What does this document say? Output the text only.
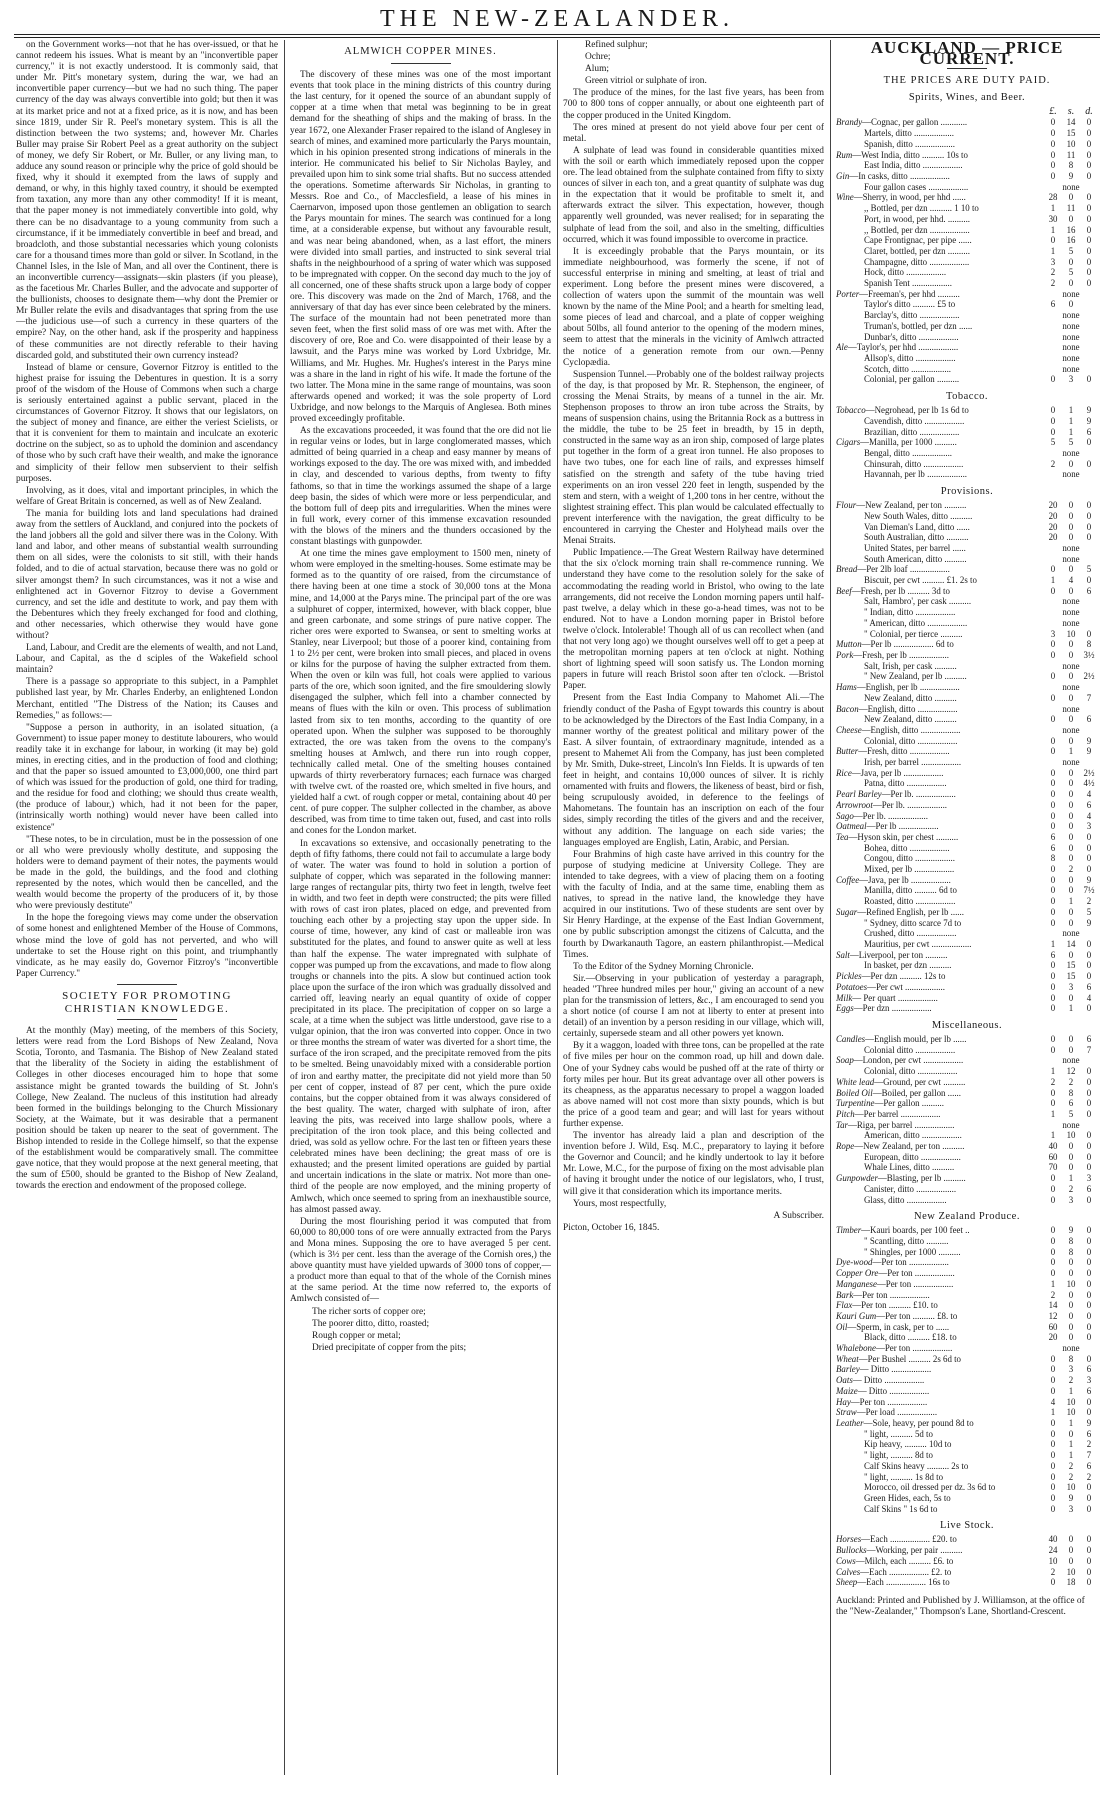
THE NEW-ZEALANDER.

on the Government works—not that he has over-issued, or that he cannot redeem his issues. What is meant by an "inconvertible paper currency," it is not exactly understood. It is commonly said, that under Mr. Pitt's monetary system, during the war, we had an inconvertible paper currency—but we had no such thing. The paper currency of the day was always convertible into gold; but then it was at its market price and not at a fixed price, as it is now, and has been since 1819, under Sir R. Peel's monetary system. This is all the distinction between the two systems; and, however Mr. Charles Buller may praise Sir Robert Peel as a great authority on the subject of money, we defy Sir Robert, or Mr. Buller, or any living man, to adduce any sound reason or principle why the price of gold should be fixed, why it should it exempted from the laws of supply and demand, or why, in this highly taxed country, it should be exempted from taxation, any more than any other commodity! If it is meant, that the paper money is not immediately convertible into gold, why there can be no disadvantage to a young community from such a circumstance, if it be immediately convertible in beef and bread, and broadcloth, and those substantial necessaries which young colonists care for a thousand times more than gold or silver. In Scotland, in the Channel Isles, in the Isle of Man, and all over the Continent, there is an inconvertible currency—assignats—skin plasters (if you please), as the facetious Mr. Charles Buller, and the advocate and supporter of the bullionists, chooses to designate them—why dont the Premier or Mr Buller relate the evils and disadvantages that spring from the use—the judicious use—of such a currency in these quarters of the empire? Nay, on the other hand, ask if the prosperity and happiness of these communities are not directly referable to their having discarded gold, and substituted their own currency instead?

Instead of blame or censure, Governor Fitzroy is entitled to the highest praise for issuing the Debentures in question. It is a sorry proof of the wisdom of the House of Commons when such a charge is seriously entertained against a public servant, placed in the circumstances of Governor Fitzroy. It shows that our legislators, on the subject of money and finance, are either the veriest Scielists, or that it is convenient for them to maintain and inculcate an exoteric doctrine on the subject, so as to uphold the dominion and ascendancy of those who by such craft have their wealth, and make the ignorance and simplicity of their fellow men subservient to their selfish purposes.

Involving, as it does, vital and important principles, in which the welfare of Great Britain is concerned, as well as of New Zealand.

The mania for building lots and land speculations had drained away from the settlers of Auckland, and conjured into the pockets of the land jobbers all the gold and silver there was in the Colony. With land and labor, and other means of substantial wealth surrounding them on all sides, were the colonists to sit still, with their hands folded, and to die of actual starvation, because there was no gold or silver amongst them? In such circumstances, was it not a wise and enlightened act in Governor Fitzroy to devise a Government currency, and set the idle and destitute to work, and pay them with the Debentures which they freely exchanged for food and clothing, and other necessaries, which otherwise they would have gone without?

Land, Labour, and Credit are the elements of wealth, and not Land, Labour, and Capital, as the d sciples of the Wakefield school maintain?

There is a passage so appropriate to this subject, in a Pamphlet published last year, by Mr. Charles Enderby, an enlightened London Merchant, entitled "The Distress of the Nation; its Causes and Remedies," as follows:—

"Suppose a person in authority, in an isolated situation, (a Government) to issue paper money to destitute labourers, who would readily take it in exchange for labour, in working (it may be) gold mines, in erecting cities, and in the production of food and clothing; and that the paper so issued amounted to £3,000,000, one third part of which was issued for the production of gold, one third for trading, and the residue for food and clothing; we should thus create wealth, (the produce of labour,) which, had it not been for the paper, (intrinsically worth nothing) would never have been called into existence"

"These notes, to be in circulation, must be in the possession of one or all who were previously wholly destitute, and supposing the holders were to demand payment of their notes, the payments would be made in the gold, the buildings, and the food and clothing represented by the notes, which would then be cancelled, and the wealth would become the property of the producers of it, by those who were previously destitute"

In the hope the foregoing views may come under the observation of some honest and enlightened Member of the House of Commons, whose mind the love of gold has not perverted, and who will undertake to set the House right on this point, and triumphantly vindicate, as he may easily do, Governor Fitzroy's "inconvertible Paper Currency."

SOCIETY FOR PROMOTING
CHRISTIAN KNOWLEDGE.

At the monthly (May) meeting, of the members of this Society, letters were read from the Lord Bishops of New Zealand, Nova Scotia, Toronto, and Tasmania. The Bishop of New Zealand stated that the liberality of the Society in aiding the establishment of Colleges in other dioceses encouraged him to hope that some assistance might be granted towards the building of St. John's College, New Zealand. The nucleus of this institution had already been formed in the buildings belonging to the Church Missionary Society, at the Waimate, but it was desirable that a permanent position should be taken up nearer to the seat of government. The Bishop intended to reside in the College himself, so that the expense of the establishment would be comparatively small. The committee gave notice, that they would propose at the next general meeting, that the sum of £500, should be granted to the Bishop of New Zealand, towards the erection and endowment of the proposed college.

ALMWICH COPPER MINES.

The discovery of these mines was one of the most important events that took place in the mining districts of this country during the last century, for it opened the source of an abundant supply of copper at a time when that metal was beginning to be in great demand for the sheathing of ships and the making of brass. In the year 1672, one Alexander Fraser repaired to the island of Anglesey in search of mines, and examined more particularly the Parys mountain, which in his opinion presented strong indications of minerals in the interior. He communicated his belief to Sir Nicholas Bayley, and prevailed upon him to sink some trial shafts. But no success attended the operations. Sometime afterwards Sir Nicholas, in granting to Messrs. Roe and Co., of Macclesfield, a lease of his mines in Caernarvon, imposed upon those gentlemen an obligation to search the Parys mountain for mines. The search was continued for a long time, at a considerable expense, but without any favourable result, and was near being abandoned, when, as a last effort, the miners were divided into small parties, and instructed to sink several trial shafts in the neighbourhood of a spring of water which was supposed to be impregnated with copper. On the second day much to the joy of all concerned, one of these shafts struck upon a large body of copper ore. This discovery was made on the 2nd of March, 1768, and the anniversary of that day has ever since been celebrated by the miners. The surface of the mountain had not been penetrated more than seven feet, when the first solid mass of ore was met with. After the discovery of ore, Roe and Co. were disappointed of their lease by a lawsuit, and the Parys mine was worked by Lord Uxbridge, Mr. Williams, and Mr. Hughes. Mr. Hughes's interest in the Parys mine was a share in the land in right of his wife. It made the fortune of the two latter. The Mona mine in the same range of mountains, was soon afterwards opened and worked; it was the sole property of Lord Uxbridge, and now belongs to the Marquis of Anglesea. Both mines proved exceedingly profitable.

As the excavations proceeded, it was found that the ore did not lie in regular veins or lodes, but in large conglomerated masses, which admitted of being quarried in a cheap and easy manner by means of workings exposed to the day. The ore was mixed with, and imbedded in clay, and descended to various depths, from twenty to fifty fathoms, so that in time the workings assumed the shape of a large deep basin, the sides of which were more or less perpendicular, and the bottom full of deep pits and irregularities. When the mines were in full work, every corner of this immense excavation resounded with the blows of the miners and the thunders occasioned by the constant blastings with gunpowder.

At one time the mines gave employment to 1500 men, ninety of whom were employed in the smelting-houses. Some estimate may be formed as to the quantity of ore raised, from the circumstance of there having been at one time a stock of 30,000 tons at the Mona mine, and 14,000 at the Parys mine. The principal part of the ore was a sulphuret of copper, intermixed, however, with black copper, blue and green carbonate, and some strings of pure native copper. The richer ores were exported to Swansea, or sent to smelting works at Stanley, near Liverpool; but those of a poorer kind, containing from 1 to 2½ per cent, were broken into small pieces, and placed in ovens or kilns for the purpose of having the sulpher extracted from them. When the oven or kiln was full, hot coals were applied to various parts of the ore, which soon ignited, and the fire smouldering slowly disengaged the sulpher, which fell into a chamber connected by means of flues with the kiln or oven. This process of sublimation lasted from six to ten months, according to the quantity of ore operated upon. When the sulpher was supposed to be thoroughly extracted, the ore was taken from the ovens to the company's smelting houses at Amlwch, and there run into rough copper, technically called metal. One of the smelting houses contained upwards of thirty reverberatory furnaces; each furnace was charged with twelve cwt. of the roasted ore, which smelted in five hours, and yielded half a cwt. of rough copper or metal, containing about 40 per cent. of pure copper. The sulpher collected in the chamber, as above described, was from time to time taken out, fused, and cast into rolls and cones for the London market.

In excavations so extensive, and occasionally penetrating to the depth of fifty fathoms, there could not fail to accumulate a large body of water. The water was found to hold in solution a portion of sulphate of copper, which was separated in the following manner: large ranges of rectangular pits, thirty two feet in length, twelve feet in width, and two feet in depth were constructed; the pits were filled with rows of cast iron plates, placed on edge, and prevented from touching each other by a projecting stay upon the upper side. In course of time, however, any kind of cast or malleable iron was substituted for the plates, and found to answer quite as well at less than half the expense. The water impregnated with sulphate of copper was pumped up from the excavations, and made to flow along troughs or channels into the pits. A slow but continued action took place upon the surface of the iron which was gradually dissolved and carried off, leaving nearly an equal quantity of oxide of copper precipitated in its place. The precipitation of copper on so large a scale, at a time when the subject was little understood, gave rise to a vulgar opinion, that the iron was converted into copper. Once in two or three months the stream of water was diverted for a short time, the surface of the iron scraped, and the precipitate removed from the pits to be smelted. Being unavoidably mixed with a considerable portion of iron and earthy matter, the precipitate did not yield more than 50 per cent of copper, instead of 87 per cent, which the pure oxide contains, but the copper obtained from it was always considered of the best quality. The water, charged with sulphate of iron, after leaving the pits, was received into large shallow pools, where a precipitation of the iron took place, and this being collected and dried, was sold as yellow ochre. For the last ten or fifteen years these celebrated mines have been declining; the great mass of ore is exhausted; and the present limited operations are guided by partial and uncertain indications in the slate or matrix. Not more than one-third of the people are now employed, and the mining property of Amlwch, which once seemed to spring from an inexhaustible source, has almost passed away.

During the most flourishing period it was computed that from 60,000 to 80,000 tons of ore were annually extracted from the Parys and Mona mines. Supposing the ore to have averaged 5 per cent. (which is 3½ per cent. less than the average of the Cornish ores,) the above quantity must have yielded upwards of 3000 tons of copper,—a product more than equal to that of the whole of the Cornish mines at the same period. At the time now referred to, the exports of Amlwch consisted of—

The richer sorts of copper ore;

The poorer ditto, ditto, roasted;

Rough copper or metal;

Dried precipitate of copper from the pits;

Refined sulphur;

Ochre;

Alum;

Green vitriol or sulphate of iron.

The produce of the mines, for the last five years, has been from 700 to 800 tons of copper annually, or about one eighteenth part of the copper produced in the United Kingdom.

The ores mined at present do not yield above four per cent of metal.

A sulphate of lead was found in considerable quantities mixed with the soil or earth which immediately reposed upon the copper ore. The lead obtained from the sulphate contained from fifty to sixty ounces of silver in each ton, and a great quantity of sulphate was dug in the expectation that it would be profitable to smelt it, and afterwards extract the silver. This expectation, however, though apparently well grounded, was never realised; for in separating the sulphate of lead from the soil, and also in the smelting, difficulties occurred, which it was found impossible to overcome in practice.

It is exceedingly probable that the Parys mountain, or its immediate neighbourhood, was formerly the scene, if not of successful enterprise in mining and smelting, at least of trial and experiment. Long before the present mines were discovered, a collection of waters upon the summit of the mountain was well known by the name of the Mine Pool; and a hearth for smelting lead, some pieces of lead and charcoal, and a plate of copper weighing about 50lbs, all found anterior to the opening of the modern mines, seem to attest that the minerals in the vicinity of Amlwch attracted the notice of a generation remote from our own.—Penny Cyclopædia.

Suspension Tunnel.—Probably one of the boldest railway projects of the day, is that proposed by Mr. R. Stephenson, the engineer, of crossing the Menai Straits, by means of a tunnel in the air. Mr. Stephenson proposes to throw an iron tube across the Straits, by means of suspension chains, using the Britannia Rock as a buttress in the middle, the tube to be 25 feet in breadth, by 15 in depth, constructed in the same way as an iron ship, composed of large plates put together in the form of a great iron tunnel. He also proposes to have two tubes, one for each line of rails, and expresses himself satisfied on the strength and safety of the tube having tried experiments on an iron vessel 220 feet in length, suspended by the stem and stern, with a weight of 1,200 tons in her centre, without the slightest straining effect. This plan would be calculated effectually to prevent interference with the navigation, the great difficulty to be encountered in carrying the Chester and Holyhead mails over the Menai Straits.

Public Impatience.—The Great Western Railway have determined that the six o'clock morning train shall re-commence running. We understand they have come to the resolution solely for the sake of accommodating the reading world in Bristol, who owing to the late arrangements, did not receive the London morning papers until half-past twelve, a delay which in these go-a-head times, was not to be endured. Not to have a London morning paper in Bristol before twelve o'clock. Intolerable! Though all of us can recollect when (and that not very long ago) we thought ourselves well off to get a peep at the metropolitan morning papers at ten o'clock at night. Nothing short of lightning speed will soon satisfy us. The London morning papers in future will reach Bristol soon after ten o'clock. —Bristol Paper.

Present from the East India Company to Mahomet Ali.—The friendly conduct of the Pasha of Egypt towards this country is about to be acknowledged by the Directors of the East India Company, in a manner worthy of the greatest political and military power of the East. A silver fountain, of extraordinary magnitude, intended as a present to Mahemet Ali from the Company, has just been completed by Mr. Smith, Duke-street, Lincoln's Inn Fields. It is upwards of ten feet in height, and contains 10,000 ounces of silver. It is richly ornamented with fruits and flowers, the likeness of beast, bird or fish, being scrupulously avoided, in deference to the feelings of Mahometans. The fountain has an inscription on each of the four sides, simply recording the titles of the givers and and the receiver, without any addition. The language on each side varies; the languages employed are English, Latin, Arabic, and Persian.

Four Brahmins of high caste have arrived in this country for the purpose of studying medicine at University College. They are intended to take degrees, with a view of placing them on a footing with the faculty of India, and at the same time, enabling them as natives, to spread in the native land, the knowledge they have acquired in our institutions. Two of these students are sent over by Sir Henry Hardinge, at the expense of the East Indian Government, one by public subscription amongst the citizens of Calcutta, and the fourth by Dwarkanauth Tagore, an eastern philanthropist.—Medical Times.

To the Editor of the Sydney Morning Chronicle.

Sir.—Observing in your publication of yesterday a paragraph, headed "Three hundred miles per hour," giving an account of a new plan for the transmission of letters, &c., I am encouraged to send you a short notice (of course I am not at liberty to enter at present into detail) of an invention by a person residing in our village, which will, certainly, supersede steam and all other powers yet known.

By it a waggon, loaded with three tons, can be propelled at the rate of five miles per hour on the common road, up hill and down dale. One of your Sydney cabs would be pushed off at the rate of thirty or forty miles per hour. But its great advantage over all other powers is its cheapness, as the apparatus necessary to propel a waggon loaded as above named will not cost more than sixty pounds, which is but the price of a good team and gear; and will last for years without further expense.

The inventor has already laid a plan and description of the invention before J. Wild, Esq. M.C., preparatory to laying it before the Governor and Council; and he kindly undertook to lay it before Mr. Lowe, M.C., for the purpose of fixing on the most advisable plan of having it brought under the notice of our legislators, who, I trust, will give it that consideration which its importance merits.

Yours, most respectfully,

A Subscriber.

Picton, October 16, 1845.

AUCKLAND — PRICE CURRENT.
THE PRICES ARE DUTY PAID.
Spirits, Wines, and Beer.
£.	s.	d.
Brandy—Cognac, per gallon ............	0	14	0
Martels, ditto ..................	0	15	0
Spanish, ditto ..................	0	10	0
Rum—West India, ditto .......... 10s to	0	11	0
East India, ditto ..................	0	8	0
Gin—In casks, ditto ..................	0	9	0
Four gallon cases ..................	none
Wine—Sherry, in wood, per hhd ......	28	0	0
,, Bottled, per dzn .......... 1 10 to	1	11	0
Port, in wood, per hhd. ..........	30	0	0
,, Bottled, per dzn ..................	1	16	0
Cape Frontignac, per pipe ......	0	16	0
Claret, bottled, per dzn ..........	1	5	0
Champagne, ditto ..................	3	0	0
Hock, ditto ..................	2	5	0
Spanish Tent ..................	2	0	0
Porter—Freeman's, per hhd ..........	none
Taylor's ditto .......... £5 to	6	0
Barclay's, ditto ..................	none
Truman's, bottled, per dzn ......	none
Dunbar's, ditto ..................	none
Ale—Taylor's, per hhd ..................	none
Allsop's, ditto ..................	none
Scotch, ditto ..................	none
Colonial, per gallon ..........	0	3	0
Tobacco.
Tobacco—Negrohead, per lb 1s 6d to	0	1	9
Cavendish, ditto ..................	0	1	9
Brazilian, ditto ..................	0	1	6
Cigars—Manilla, per 1000 ..........	5	5	0
Bengal, ditto ..................	none
Chinsurah, ditto ..................	2	0	0
Havannah, per lb ..................	none
Provisions.
Flour—New Zealand, per ton ..........	20	0	0
New South Wales, ditto ..........	20	0	0
Van Dieman's Land, ditto ......	20	0	0
South Australian, ditto ..........	20	0	0
United States, per barrel ......	none
South American, ditto ..........	none
Bread—Per 2lb loaf ..................	0	0	5
Biscuit, per cwt .......... £1. 2s to	1	4	0
Beef—Fresh, per lb .......... 3d to	0	0	6
Salt, Hambro', per cask ..........	none
" Indian, ditto ..................	none
" American, ditto ..................	none
" Colonial, per tierce ..........	3	10	0
Mutton—Per lb .................. 6d to	0	0	8
Pork—Fresh, per lb ..................	0	0	3½
Salt, Irish, per cask ..........	none
" New Zealand, per lb ..........	0	0	2½
Hams—English, per lb ..................	none
New Zealand, ditto ..........	0	0	7
Bacon—English, ditto ..................	none
New Zealand, ditto ..........	0	0	6
Cheese—English, ditto ..................	none
Colonial, ditto ..................	0	0	9
Butter—Fresh, ditto ..................	0	1	9
Irish, per barrel ..................	none
Rice—Java, per lb ..................	0	0	2½
Patna, ditto ..................	0	0	4½
Pearl Barley—Per lb. ..................	0	0	4
Arrowroot—Per lb. ..................	0	0	6
Sago—Per lb. ..................	0	0	4
Oatmeal—Per lb ..................	0	0	3
Tea—Hyson skin, per chest ..........	6	0	0
Bohea, ditto ..................	6	0	0
Congou, ditto ..................	8	0	0
Mixed, per lb ..................	0	2	0
Coffee—Java, per lb ..................	0	0	9
Manilla, ditto .......... 6d to	0	0	7½
Roasted, ditto ..................	0	1	2
Sugar—Refined English, per lb ......	0	0	5
" Sydney, ditto scarce 7d to	0	0	9
Crushed, ditto ..................	none
Mauritius, per cwt ..................	1	14	0
Salt—Liverpool, per ton ..........	6	0	0
In basket, per dzn ..........	0	15	0
Pickles—Per dzn .......... 12s to	0	15	0
Potatoes—Per cwt ..................	0	3	6
Milk— Per quart ..................	0	0	4
Eggs—Per dzn ..................	0	1	0
Miscellaneous.
Candles—English mould, per lb ......	0	0	6
Colonial ditto ..................	0	0	7
Soap—London, per cwt ..................	none
Colonial, ditto ..................	1	12	0
White lead—Ground, per cwt ..........	2	2	0
Boiled Oil—Boiled, per gallon ......	0	8	0
Turpentine—Per gallon ..........	0	6	0
Pitch—Per barrel ..................	1	5	0
Tar—Riga, per barrel ..................	none
American, ditto ..................	1	10	0
Rope—New Zealand, per ton ..........	40	0	0
European, ditto ..................	60	0	0
Whale Lines, ditto ..........	70	0	0
Gunpowder—Blasting, per lb ..........	0	1	3
Canister, ditto ..................	0	2	6
Glass, ditto ..................	0	3	0
New Zealand Produce.
Timber—Kauri boards, per 100 feet ..	0	9	0
" Scantling, ditto ..........	0	8	0
" Shingles, per 1000 ..........	0	8	0
Dye-wood—Per ton ..................	0	0	0
Copper Ore—Per ton ..................	0	0	0
Manganese—Per ton ..................	1	10	0
Bark—Per ton ..................	2	0	0
Flax—Per ton .......... £10. to	14	0	0
Kauri Gum—Per ton .......... £8. to	12	0	0
Oil—Sperm, in cask, per to ......	60	0	0
Black, ditto .......... £18. to	20	0	0
Whalebone—Per ton ..................	none
Wheat—Per Bushel .......... 2s 6d to	0	8	0
Barley— Ditto ..................	0	3	6
Oats— Ditto ..................	0	2	3
Maize— Ditto ..................	0	1	6
Hay—Per ton ..................	4	10	0
Straw—Per load ..................	1	10	0
Leather—Sole, heavy, per pound 8d to	0	1	9
" light, .......... 5d to	0	0	6
Kip heavy, .......... 10d to	0	1	2
" light, .......... 8d to	0	1	7
Calf Skins heavy .......... 2s to	0	2	6
" light, .......... 1s 8d to	0	2	2
Morocco, oil dressed per dz. 3s 6d to	0	10	0
Green Hides, each, 5s to	0	9	0
Calf Skins " 1s 6d to	0	3	0
Live Stock.
Horses—Each .................. £20. to	40	0	0
Bullocks—Working, per pair ..........	24	0	0
Cows—Milch, each .......... £6. to	10	0	0
Calves—Each .................. £2. to	2	10	0
Sheep—Each .................. 16s to	0	18	0
Auckland: Printed and Published by J. Williamson, at the office of the "New-Zealander," Thompson's Lane, Shortland-Crescent.
